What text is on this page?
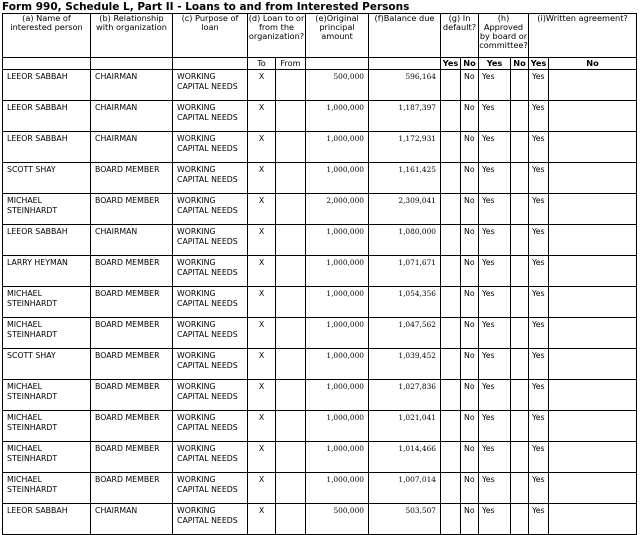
Form 990, Schedule L, Part II - Loans to and from Interested Persons
(a) Name of interested person	(b) Relationship with organization	(c) Purpose of loan	(d) Loan to or from the organization?		(e)Original principal amount	(f)Balance due	(g) In default?		(h) Approved by board or committee?		(i)Written agreement?	
			To	From			Yes	No	Yes	No	Yes	No
LEEOR SABBAH	CHAIRMAN	WORKING CAPITAL NEEDS	X		500,000	596,164		No	Yes		Yes	
LEEOR SABBAH	CHAIRMAN	WORKING CAPITAL NEEDS	X		1,000,000	1,187,397		No	Yes		Yes	
LEEOR SABBAH	CHAIRMAN	WORKING CAPITAL NEEDS	X		1,000,000	1,172,931		No	Yes		Yes	
SCOTT SHAY	BOARD MEMBER	WORKING CAPITAL NEEDS	X		1,000,000	1,161,425		No	Yes		Yes	
MICHAEL STEINHARDT	BOARD MEMBER	WORKING CAPITAL NEEDS	X		2,000,000	2,309,041		No	Yes		Yes	
LEEOR SABBAH	CHAIRMAN	WORKING CAPITAL NEEDS	X		1,000,000	1,080,000		No	Yes		Yes	
LARRY HEYMAN	BOARD MEMBER	WORKING CAPITAL NEEDS	X		1,000,000	1,071,671		No	Yes		Yes	
MICHAEL STEINHARDT	BOARD MEMBER	WORKING CAPITAL NEEDS	X		1,000,000	1,054,356		No	Yes		Yes	
MICHAEL STEINHARDT	BOARD MEMBER	WORKING CAPITAL NEEDS	X		1,000,000	1,047,562		No	Yes		Yes	
SCOTT SHAY	BOARD MEMBER	WORKING CAPITAL NEEDS	X		1,000,000	1,039,452		No	Yes		Yes	
MICHAEL STEINHARDT	BOARD MEMBER	WORKING CAPITAL NEEDS	X		1,000,000	1,027,836		No	Yes		Yes	
MICHAEL STEINHARDT	BOARD MEMBER	WORKING CAPITAL NEEDS	X		1,000,000	1,021,041		No	Yes		Yes	
MICHAEL STEINHARDT	BOARD MEMBER	WORKING CAPITAL NEEDS	X		1,000,000	1,014,466		No	Yes		Yes	
MICHAEL STEINHARDT	BOARD MEMBER	WORKING CAPITAL NEEDS	X		1,000,000	1,007,014		No	Yes		Yes	
LEEOR SABBAH	CHAIRMAN	WORKING CAPITAL NEEDS	X		500,000	503,507		No	Yes		Yes	
